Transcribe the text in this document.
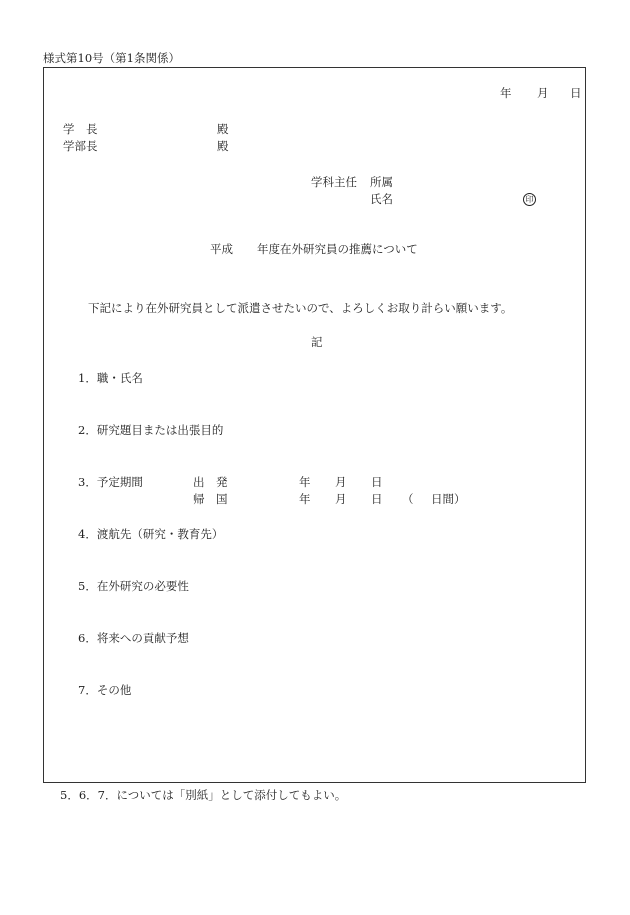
様式第10号（第1条関係）
年 月 日
学　長	殿
学部長	殿
学科主任 所属
氏名	印
平成 年度在外研究員の推薦について
下記により在外研究員として派遣させたいので、よろしくお取り計らい願います。
記
1．職・氏名
2．研究題目または出張目的
3．予定期間	出　発	年 月 日
帰　国	年 月 日 （ 日間）
4．渡航先（研究・教育先）
5．在外研究の必要性
6．将来への貢献予想
7．その他
5．6．7．については「別紙」として添付してもよい。
